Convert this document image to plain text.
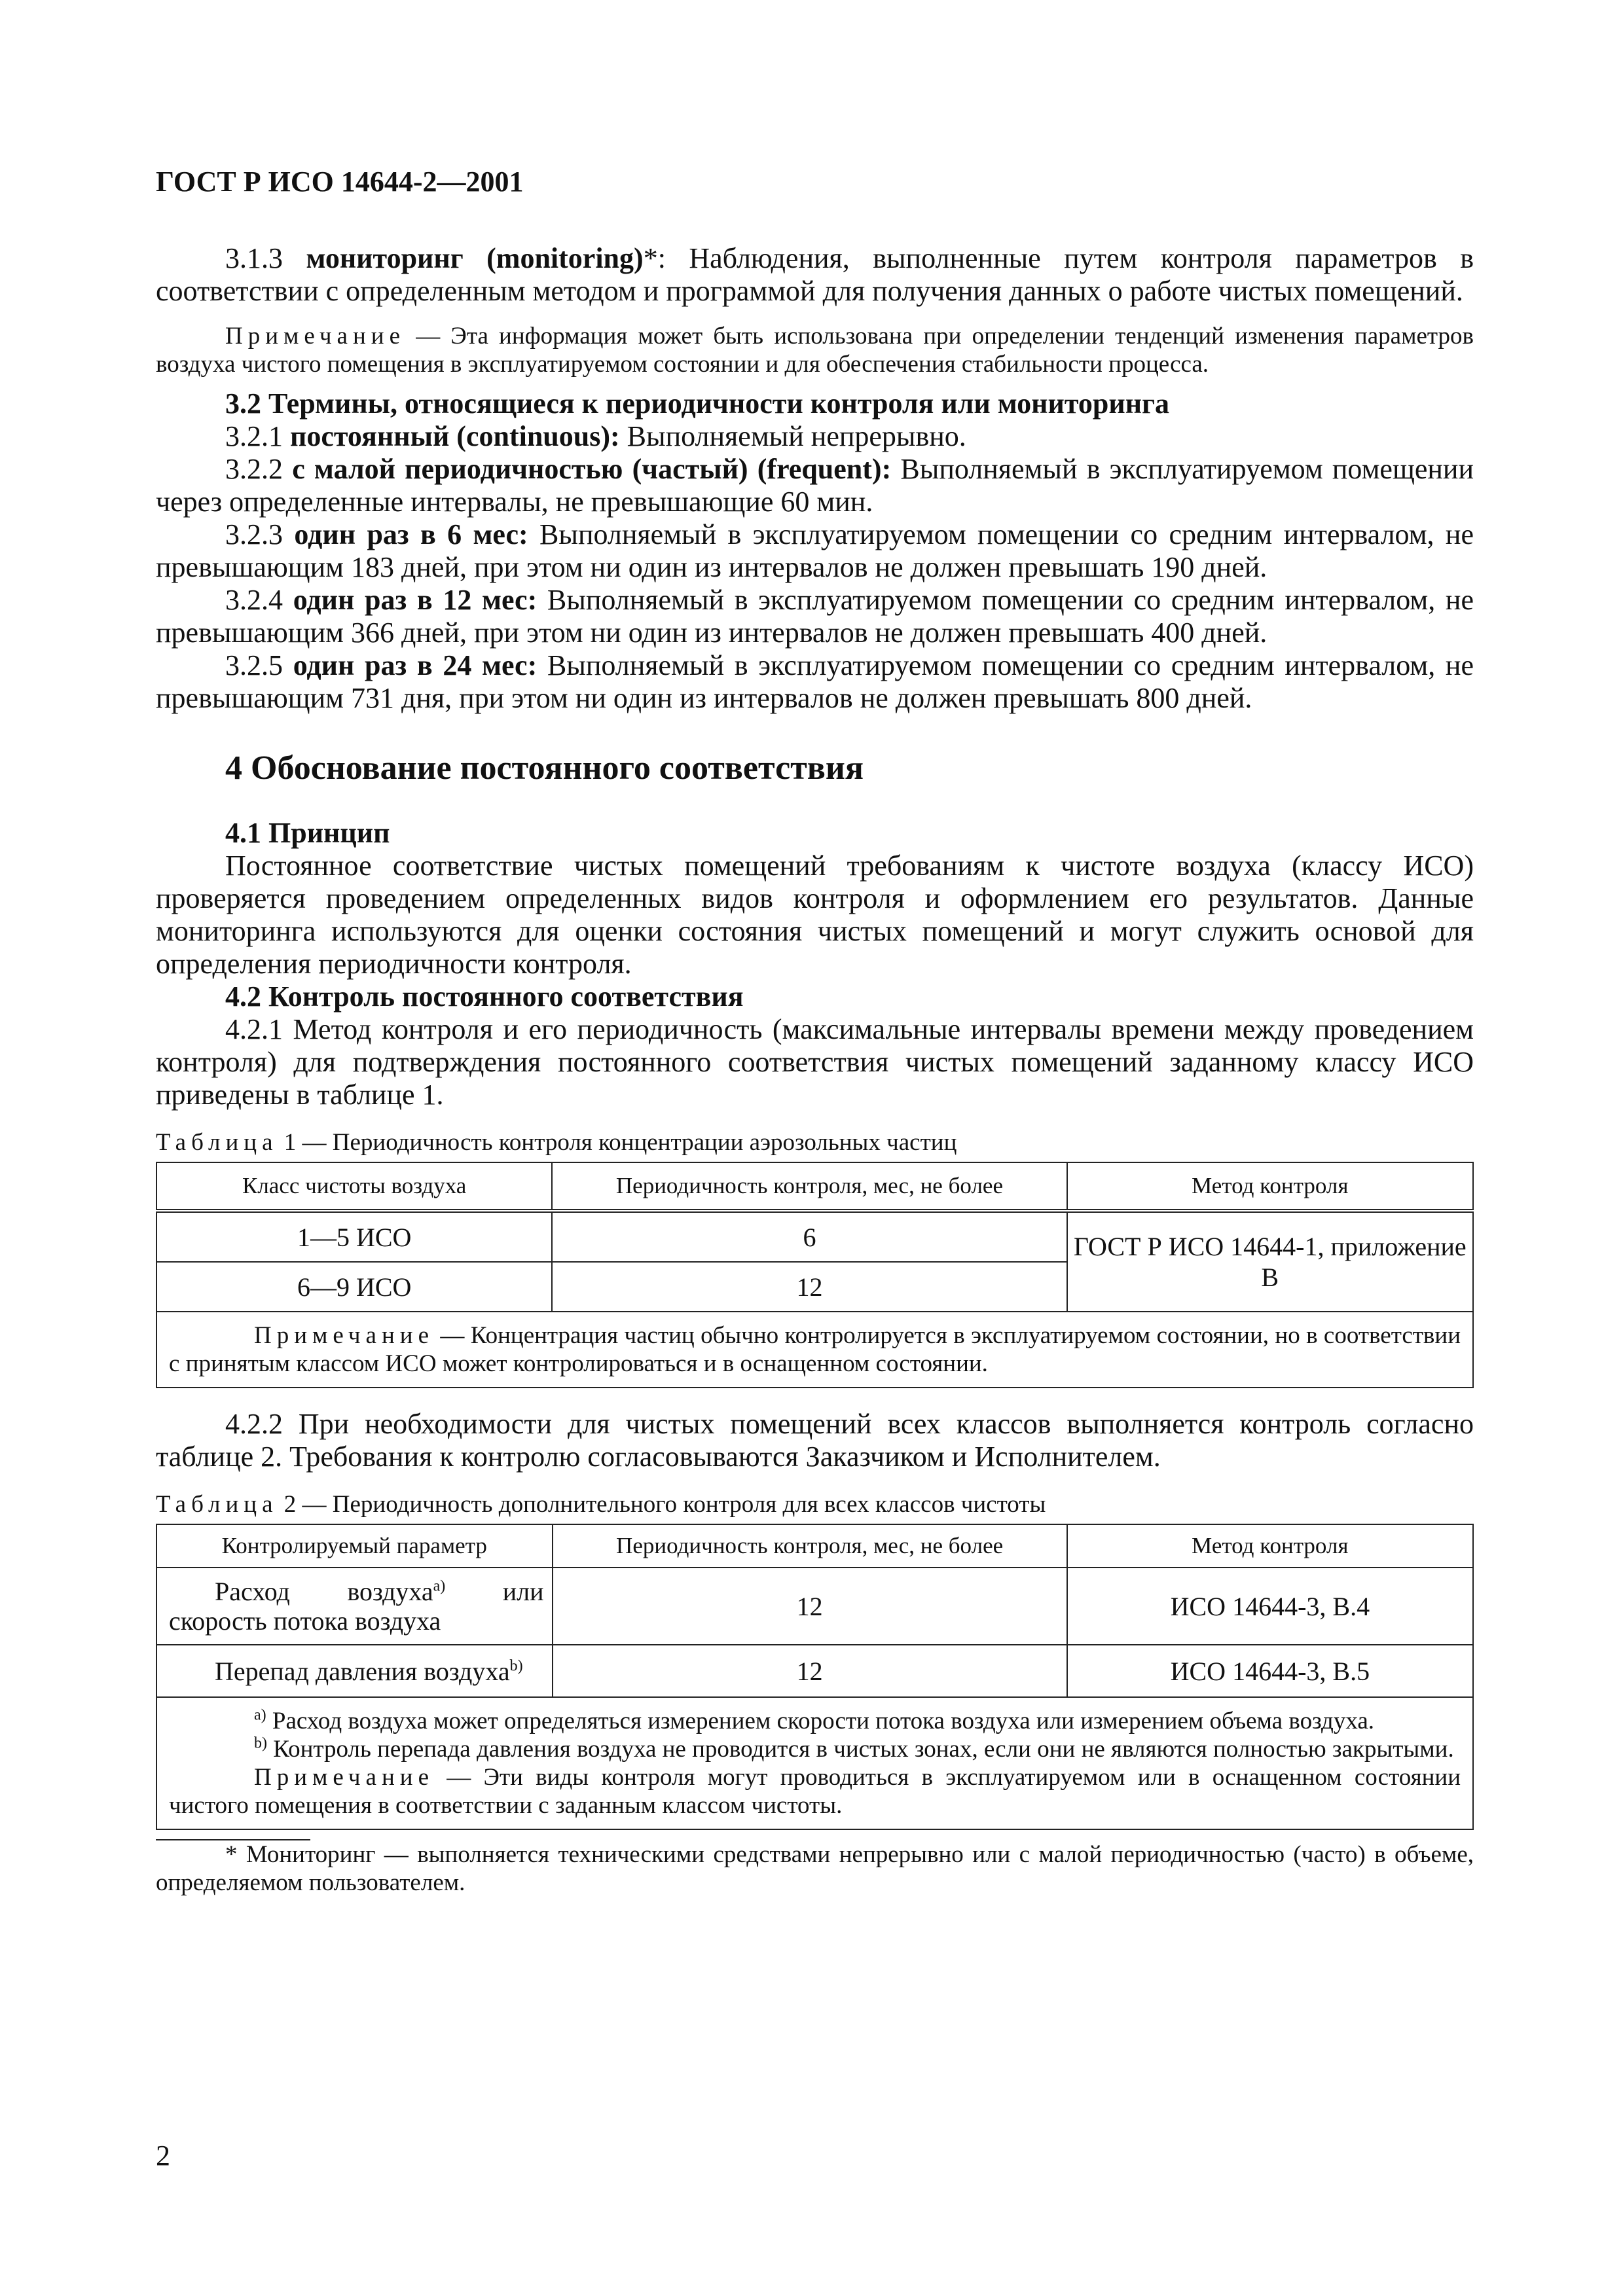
ГОСТ Р ИСО 14644-2—2001

3.1.3 мониторинг (monitoring)*: Наблюдения, выполненные путем контроля параметров в соответствии с определенным методом и программой для получения данных о работе чистых помещений.

Примечание — Эта информация может быть использована при определении тенденций изменения параметров воздуха чистого помещения в эксплуатируемом состоянии и для обеспечения стабильности процесса.

3.2 Термины, относящиеся к периодичности контроля или мониторинга

3.2.1 постоянный (continuous): Выполняемый непрерывно.

3.2.2 с малой периодичностью (частый) (frequent): Выполняемый в эксплуатируемом помещении через определенные интервалы, не превышающие 60 мин.

3.2.3 один раз в 6 мес: Выполняемый в эксплуатируемом помещении со средним интервалом, не превышающим 183 дней, при этом ни один из интервалов не должен превышать 190 дней.

3.2.4 один раз в 12 мес: Выполняемый в эксплуатируемом помещении со средним интервалом, не превышающим 366 дней, при этом ни один из интервалов не должен превышать 400 дней.

3.2.5 один раз в 24 мес: Выполняемый в эксплуатируемом помещении со средним интервалом, не превышающим 731 дня, при этом ни один из интервалов не должен превышать 800 дней.

4 Обоснование постоянного соответствия

4.1 Принцип

Постоянное соответствие чистых помещений требованиям к чистоте воздуха (классу ИСО) проверяется проведением определенных видов контроля и оформлением его результатов. Данные мониторинга используются для оценки состояния чистых помещений и могут служить основой для определения периодичности контроля.

4.2 Контроль постоянного соответствия

4.2.1 Метод контроля и его периодичность (максимальные интервалы времени между проведением контроля) для подтверждения постоянного соответствия чистых помещений заданному классу ИСО приведены в таблице 1.

Таблица 1 — Периодичность контроля концентрации аэрозольных частиц

Класс чистоты воздуха	Периодичность контроля, мес, не более	Метод контроля
1—5 ИСО	6	ГОСТ Р ИСО 14644-1, приложение В
6—9 ИСО	12	
Примечание — Концентрация частиц обычно контролируется в эксплуатируемом состоянии, но в соответствии с принятым классом ИСО может контролироваться и в оснащенном состоянии.		

4.2.2 При необходимости для чистых помещений всех классов выполняется контроль согласно таблице 2. Требования к контролю согласовываются Заказчиком и Исполнителем.

Таблица 2 — Периодичность дополнительного контроля для всех классов чистоты

Контролируемый параметр	Периодичность контроля, мес, не более	Метод контроля
Расход воздуха$^{а)}$ или скорость потока воздуха	12	ИСО 14644-3, В.4
Перепад давления воздуха$^{b)}$	12	ИСО 14644-3, В.5

$^{а)}$ Расход воздуха может определяться измерением скорости потока воздуха или измерением объема воздуха.

$^{b)}$ Контроль перепада давления воздуха не проводится в чистых зонах, если они не являются полностью закрытыми.

Примечание — Эти виды контроля могут проводиться в эксплуатируемом или в оснащенном состоянии чистого помещения в соответствии с заданным классом чистоты.		

* Мониторинг — выполняется техническими средствами непрерывно или с малой периодичностью (часто) в объеме, определяемом пользователем.

2
